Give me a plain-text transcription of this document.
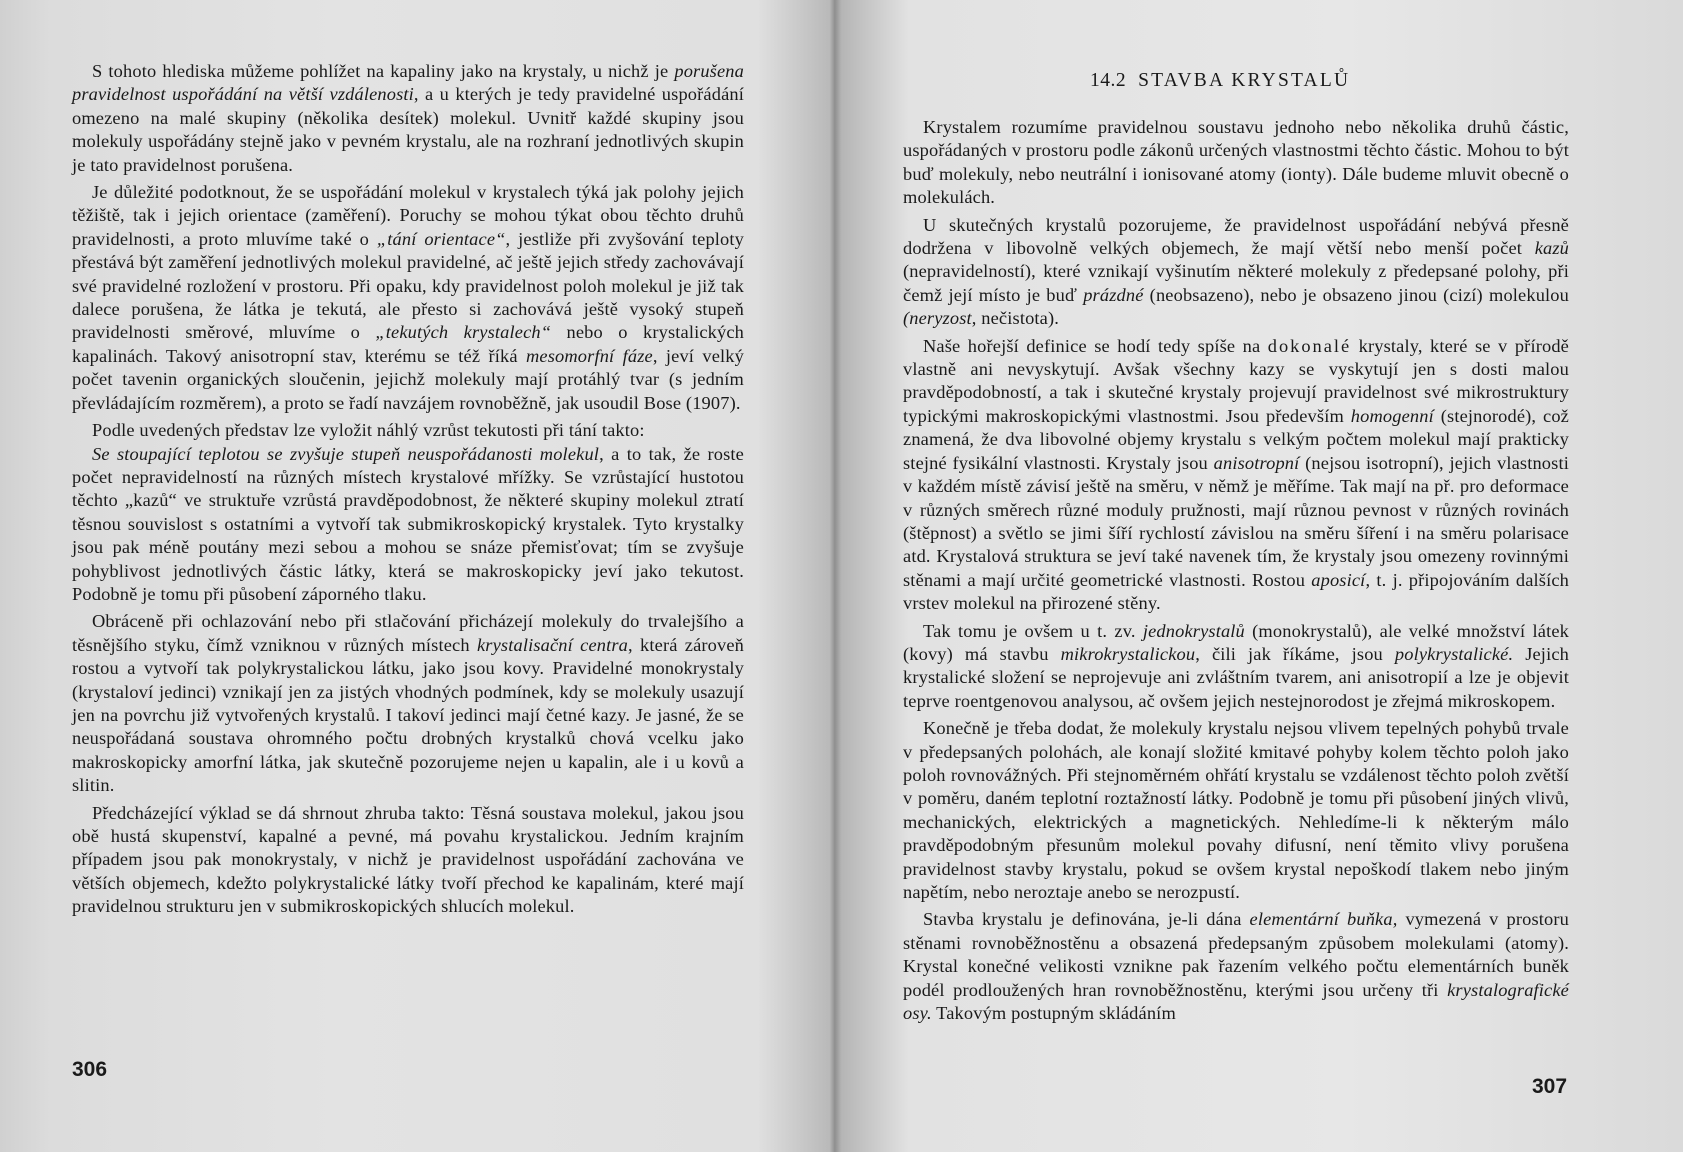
S tohoto hlediska můžeme pohlížet na kapaliny jako na krystaly, u nichž je porušena pravidelnost uspořádání na větší vzdálenosti, a u kterých je tedy pravidelné uspořádání omezeno na malé skupiny (několika desítek) molekul. Uvnitř každé skupiny jsou molekuly uspořádány stejně jako v pevném krystalu, ale na rozhraní jednotlivých skupin je tato pravidelnost porušena.

Je důležité podotknout, že se uspořádání molekul v krystalech týká jak polohy jejich těžiště, tak i jejich orientace (zaměření). Poruchy se mohou týkat obou těchto druhů pravidelnosti, a proto mluvíme také o „tání orientace“, jestliže při zvyšování teploty přestává být zaměření jednotlivých molekul pravidelné, ač ještě jejich středy zachovávají své pravidelné rozložení v prostoru. Při opaku, kdy pravidelnost poloh molekul je již tak dalece porušena, že látka je tekutá, ale přesto si zachovává ještě vysoký stupeň pravidelnosti směrové, mluvíme o „tekutých krystalech“ nebo o krystalických kapalinách. Takový anisotropní stav, kterému se též říká mesomorfní fáze, jeví velký počet tavenin organických sloučenin, jejichž molekuly mají protáhlý tvar (s jedním převládajícím rozměrem), a proto se řadí navzájem rovnoběžně, jak usoudil Bose (1907).

Podle uvedených představ lze vyložit náhlý vzrůst tekutosti při tání takto:

Se stoupající teplotou se zvyšuje stupeň neuspořádanosti molekul, a to tak, že roste počet nepravidelností na různých místech krystalové mřížky. Se vzrůstající hustotou těchto „kazů“ ve struktuře vzrůstá pravděpodobnost, že některé skupiny molekul ztratí těsnou souvislost s ostatními a vytvoří tak submikroskopický krystalek. Tyto krystalky jsou pak méně poutány mezi sebou a mohou se snáze přemisťovat; tím se zvyšuje pohyblivost jednotlivých částic látky, která se makroskopicky jeví jako tekutost. Podobně je tomu při působení záporného tlaku.

Obráceně při ochlazování nebo při stlačování přicházejí molekuly do trvalejšího a těsnějšího styku, čímž vzniknou v různých místech krystalisační centra, která zároveň rostou a vytvoří tak polykrystalickou látku, jako jsou kovy. Pravidelné monokrystaly (krystaloví jedinci) vznikají jen za jistých vhodných podmínek, kdy se molekuly usazují jen na povrchu již vytvořených krystalů. I takoví jedinci mají četné kazy. Je jasné, že se neuspořádaná soustava ohromného počtu drobných krystalků chová vcelku jako makroskopicky amorfní látka, jak skutečně pozorujeme nejen u kapalin, ale i u kovů a slitin.

Předcházející výklad se dá shrnout zhruba takto: Těsná soustava molekul, jakou jsou obě hustá skupenství, kapalné a pevné, má povahu krystalickou. Jedním krajním případem jsou pak monokrystaly, v nichž je pravidelnost uspořádání zachována ve větších objemech, kdežto polykrystalické látky tvoří přechod ke kapalinám, které mají pravidelnou strukturu jen v submikroskopických shlucích molekul.

306
14.2 STAVBA KRYSTALŮ

Krystalem rozumíme pravidelnou soustavu jednoho nebo několika druhů částic, uspořádaných v prostoru podle zákonů určených vlastnostmi těchto částic. Mohou to být buď molekuly, nebo neutrální i ionisované atomy (ionty). Dále budeme mluvit obecně o molekulách.

U skutečných krystalů pozorujeme, že pravidelnost uspořádání nebývá přesně dodržena v libovolně velkých objemech, že mají větší nebo menší počet kazů (nepravidelností), které vznikají vyšinutím některé molekuly z předepsané polohy, při čemž její místo je buď prázdné (neobsazeno), nebo je obsazeno jinou (cizí) molekulou (neryzost, nečistota).

Naše hořejší definice se hodí tedy spíše na dokonalé krystaly, které se v přírodě vlastně ani nevyskytují. Avšak všechny kazy se vyskytují jen s dosti malou pravděpodobností, a tak i skutečné krystaly projevují pravidelnost své mikrostruktury typickými makroskopickými vlastnostmi. Jsou především homogenní (stejnorodé), což znamená, že dva libovolné objemy krystalu s velkým počtem molekul mají prakticky stejné fysikální vlastnosti. Krystaly jsou anisotropní (nejsou isotropní), jejich vlastnosti v každém místě závisí ještě na směru, v němž je měříme. Tak mají na př. pro deformace v různých směrech různé moduly pružnosti, mají různou pevnost v různých rovinách (štěpnost) a světlo se jimi šíří rychlostí závislou na směru šíření i na směru polarisace atd. Krystalová struktura se jeví také navenek tím, že krystaly jsou omezeny rovinnými stěnami a mají určité geometrické vlastnosti. Rostou aposicí, t. j. připojováním dalších vrstev molekul na přirozené stěny.

Tak tomu je ovšem u t. zv. jednokrystalů (monokrystalů), ale velké množství látek (kovy) má stavbu mikrokrystalickou, čili jak říkáme, jsou polykrystalické. Jejich krystalické složení se neprojevuje ani zvláštním tvarem, ani anisotropií a lze je objevit teprve roentgenovou analysou, ač ovšem jejich nestejnorodost je zřejmá mikroskopem.

Konečně je třeba dodat, že molekuly krystalu nejsou vlivem tepelných pohybů trvale v předepsaných polohách, ale konají složité kmitavé pohyby kolem těchto poloh jako poloh rovnovážných. Při stejnoměrném ohřátí krystalu se vzdálenost těchto poloh zvětší v poměru, daném teplotní roztažností látky. Podobně je tomu při působení jiných vlivů, mechanických, elektrických a magnetických. Nehledíme-li k některým málo pravděpodobným přesunům molekul povahy difusní, není těmito vlivy porušena pravidelnost stavby krystalu, pokud se ovšem krystal nepoškodí tlakem nebo jiným napětím, nebo neroztaje anebo se nerozpustí.

Stavba krystalu je definována, je-li dána elementární buňka, vymezená v prostoru stěnami rovnoběžnostěnu a obsazená předepsaným způsobem molekulami (atomy). Krystal konečné velikosti vznikne pak řazením velkého počtu elementárních buněk podél prodloužených hran rovnoběžnostěnu, kterými jsou určeny tři krystalografické osy. Takovým postupným skládáním

307
